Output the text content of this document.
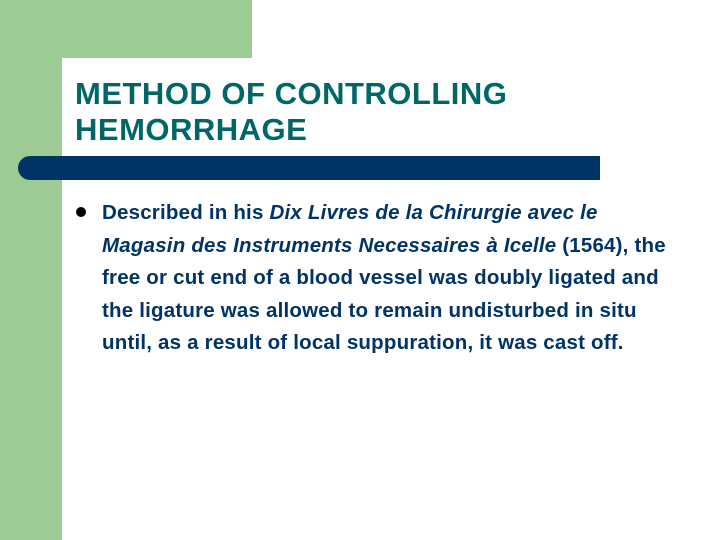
METHOD OF CONTROLLING
HEMORRHAGE

Described in his Dix Livres de la Chirurgie avec le Magasin des Instruments Necessaires à Icelle (1564), the free or cut end of a blood vessel was doubly ligated and the ligature was allowed to remain undisturbed in situ until, as a result of local suppuration, it was cast off.
